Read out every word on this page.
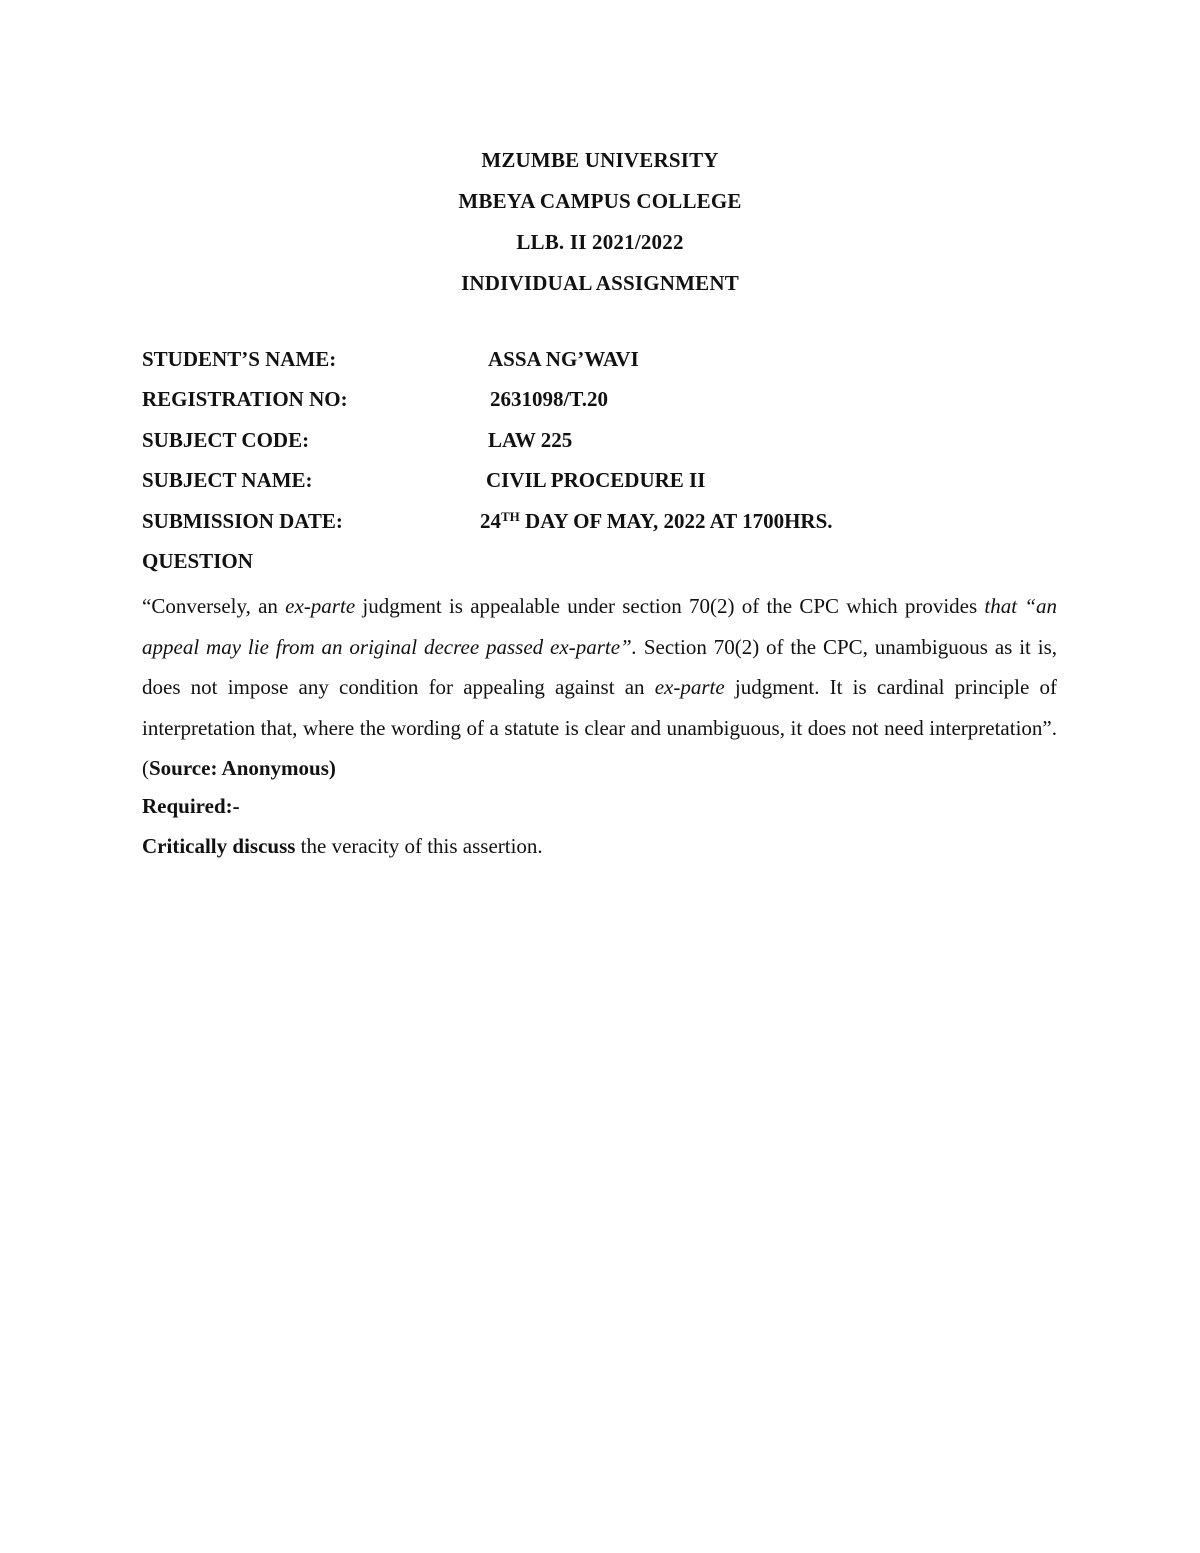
MZUMBE UNIVERSITY
MBEYA CAMPUS COLLEGE
LLB. II 2021/2022
INDIVIDUAL ASSIGNMENT
STUDENT’S NAME:	ASSA NG’WAVI
REGISTRATION NO:	2631098/T.20
SUBJECT CODE:	LAW 225
SUBJECT NAME:	CIVIL PROCEDURE II
SUBMISSION DATE:	24TH DAY OF MAY, 2022 AT 1700HRS.
QUESTION
“Conversely, an ex-parte judgment is appealable under section 70(2) of the CPC which provides that “an appeal may lie from an original decree passed ex-parte”. Section 70(2) of the CPC, unambiguous as it is, does not impose any condition for appealing against an ex-parte judgment. It is cardinal principle of interpretation that, where the wording of a statute is clear and unambiguous, it does not need interpretation”. (Source: Anonymous)
Required:-
Critically discuss the veracity of this assertion.
